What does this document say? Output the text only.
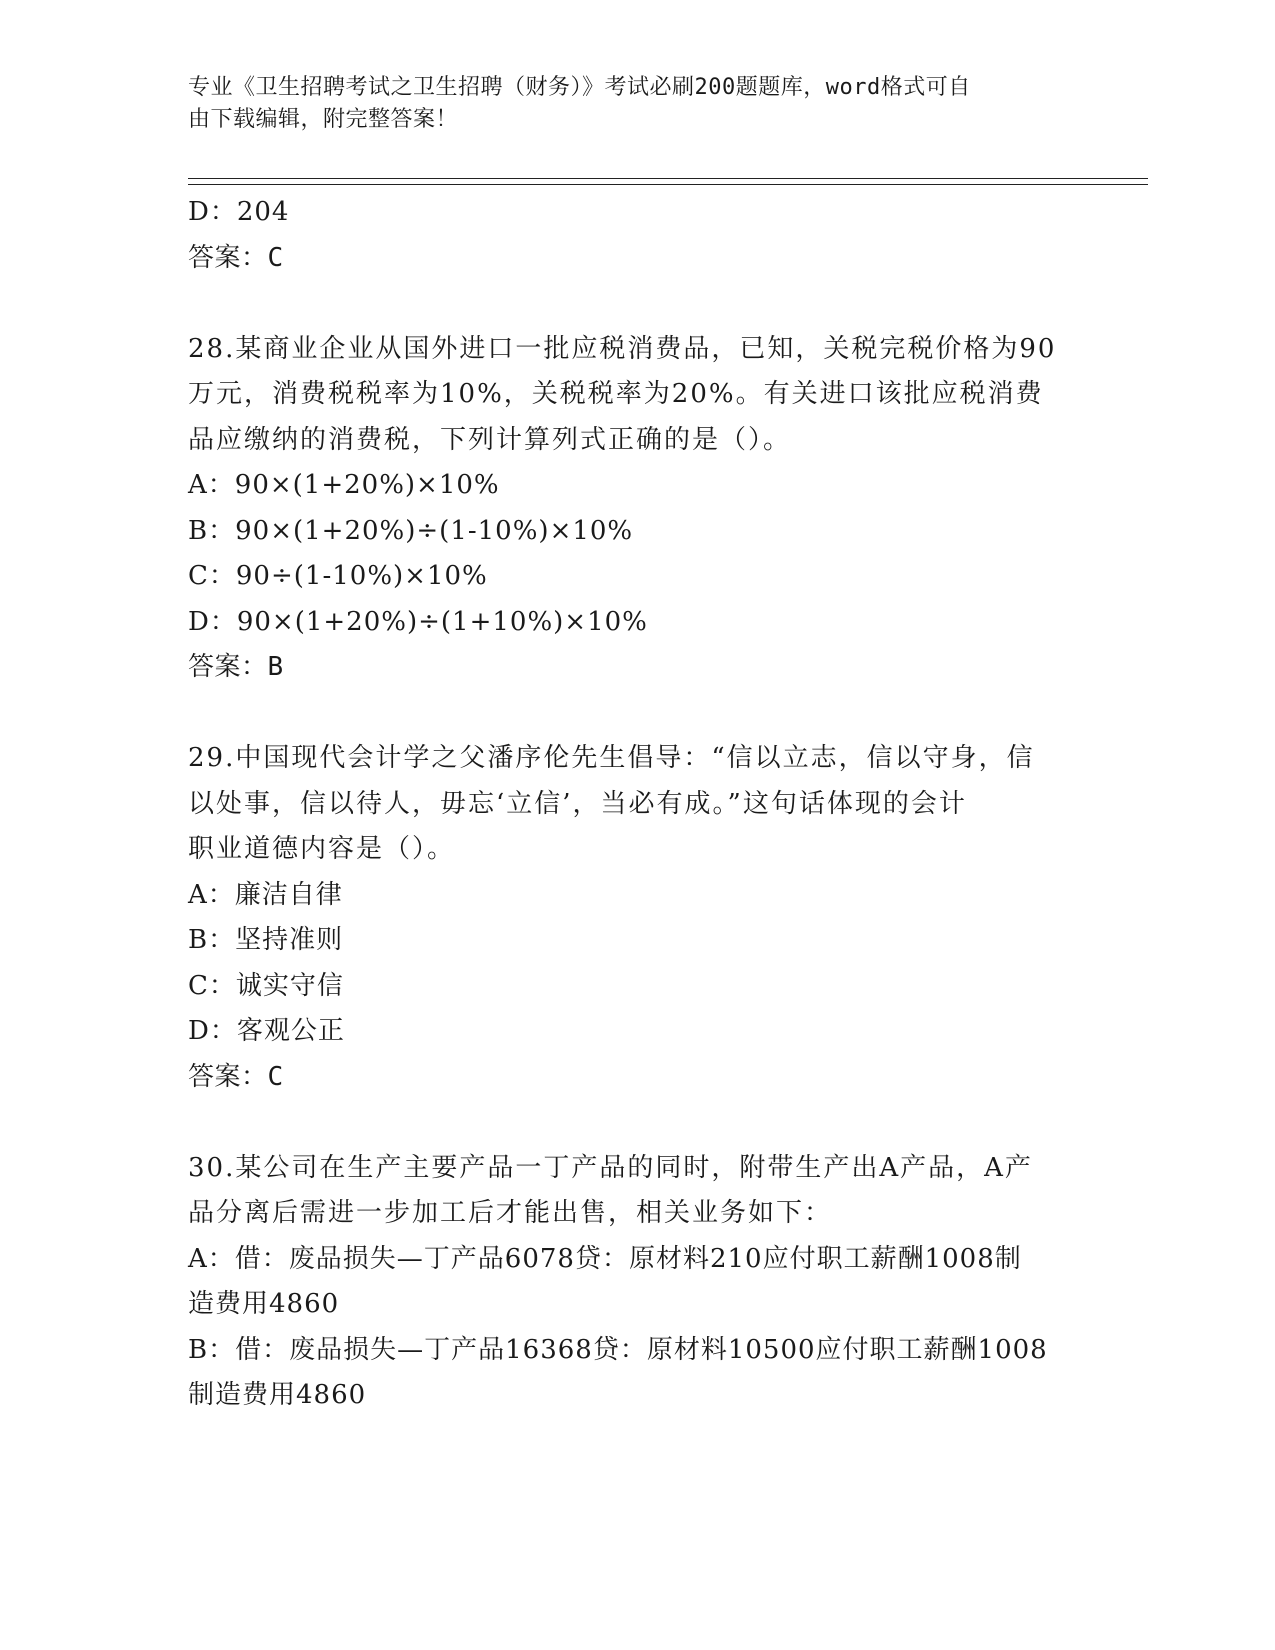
专业《卫生招聘考试之卫生招聘（财务）》考试必刷200题题库，word格式可自
由下载编辑，附完整答案！
D：204
答案：C
28.某商业企业从国外进口一批应税消费品，已知，关税完税价格为90
万元，消费税税率为10%，关税税率为20%。有关进口该批应税消费
品应缴纳的消费税，下列计算列式正确的是（）。
A：90×(1+20%)×10%
B：90×(1+20%)÷(1-10%)×10%
C：90÷(1-10%)×10%
D：90×(1+20%)÷(1+10%)×10%
答案：B
29.中国现代会计学之父潘序伦先生倡导：“信以立志，信以守身，信
以处事，信以待人，毋忘‘立信’，当必有成。”这句话体现的会计
职业道德内容是（）。
A：廉洁自律
B：坚持准则
C：诚实守信
D：客观公正
答案：C
30.某公司在生产主要产品一丁产品的同时，附带生产出A产品，A产
品分离后需进一步加工后才能出售，相关业务如下：
A：借：废品损失—丁产品6078贷：原材料210应付职工薪酬1008制
造费用4860
B：借：废品损失—丁产品16368贷：原材料10500应付职工薪酬1008
制造费用4860
